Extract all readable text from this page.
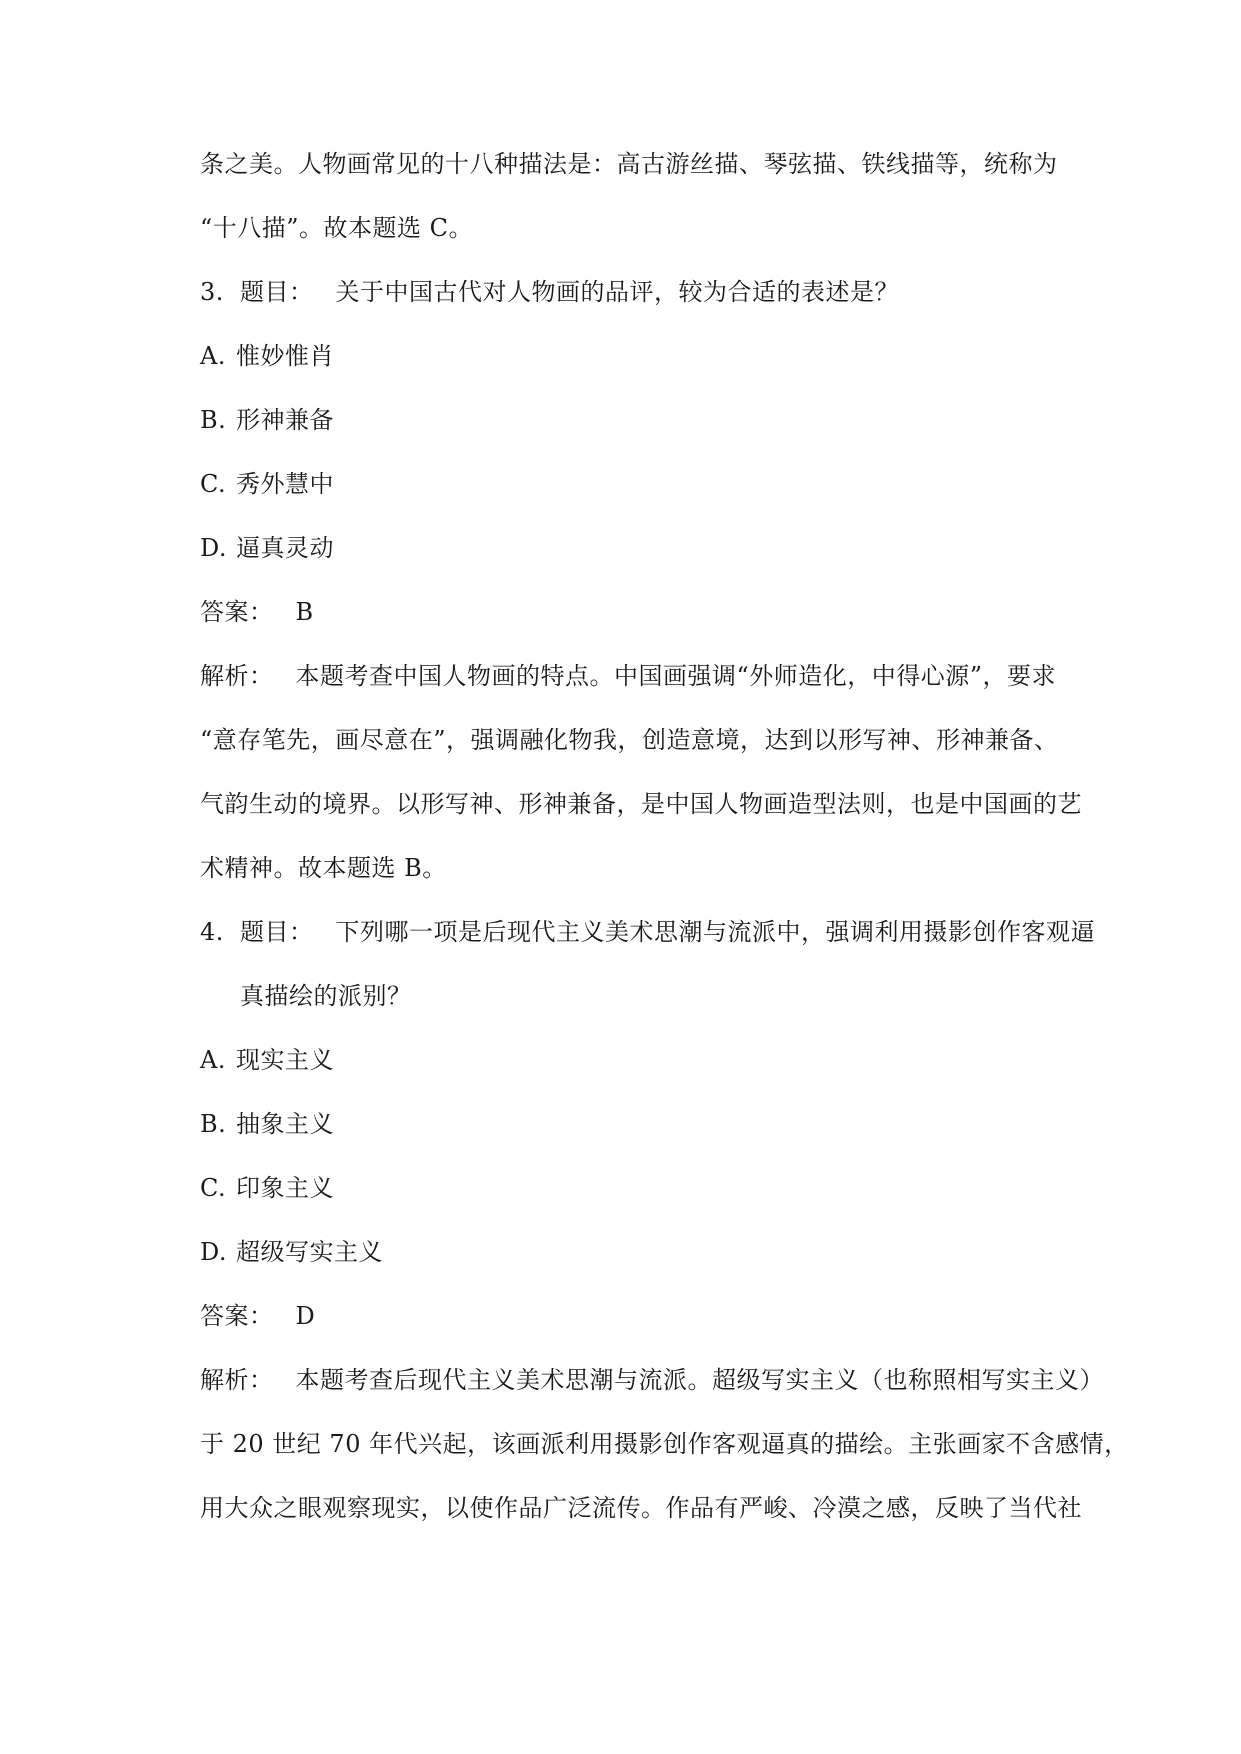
条之美。人物画常见的十八种描法是：高古游丝描、琴弦描、铁线描等，统称为
“十八描”。故本题选 C。
3. 题目： 关于中国古代对人物画的品评，较为合适的表述是？
A. 惟妙惟肖
B. 形神兼备
C. 秀外慧中
D. 逼真灵动
答案： B
解析： 本题考查中国人物画的特点。中国画强调“外师造化，中得心源”，要求
“意存笔先，画尽意在”，强调融化物我，创造意境，达到以形写神、形神兼备、
气韵生动的境界。以形写神、形神兼备，是中国人物画造型法则，也是中国画的艺
术精神。故本题选 B。
4. 题目： 下列哪一项是后现代主义美术思潮与流派中，强调利用摄影创作客观逼
真描绘的派别？
A. 现实主义
B. 抽象主义
C. 印象主义
D. 超级写实主义
答案： D
解析： 本题考查后现代主义美术思潮与流派。超级写实主义（也称照相写实主义）
于 20 世纪 70 年代兴起，该画派利用摄影创作客观逼真的描绘。主张画家不含感情，
用大众之眼观察现实，以使作品广泛流传。作品有严峻、冷漠之感，反映了当代社
